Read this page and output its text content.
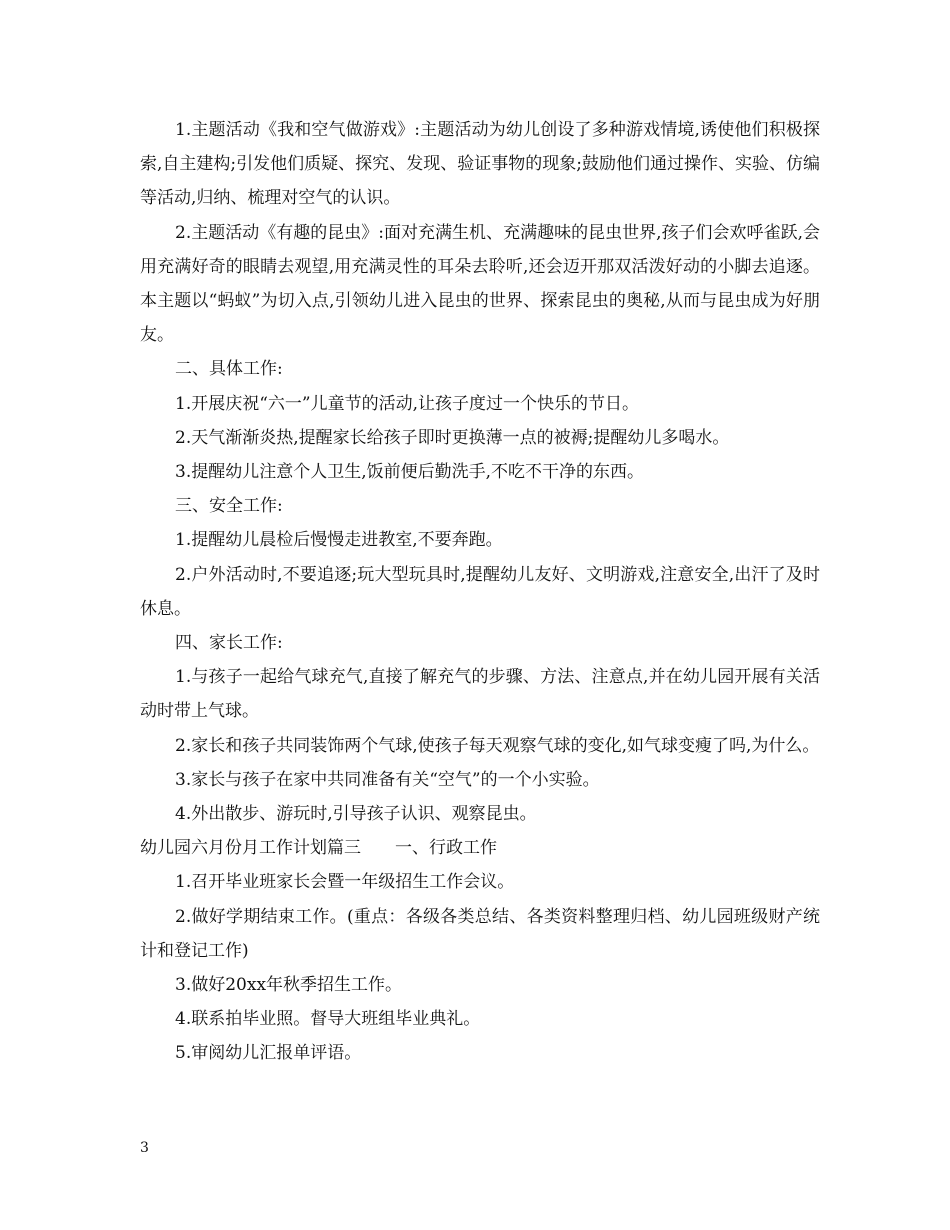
1.主题活动《我和空气做游戏》:主题活动为幼儿创设了多种游戏情境,诱使他们积极探索,自主建构;引发他们质疑、探究、发现、验证事物的现象;鼓励他们通过操作、实验、仿编等活动,归纳、梳理对空气的认识。

2.主题活动《有趣的昆虫》:面对充满生机、充满趣味的昆虫世界,孩子们会欢呼雀跃,会用充满好奇的眼睛去观望,用充满灵性的耳朵去聆听,还会迈开那双活泼好动的小脚去追逐。本主题以“蚂蚁”为切入点,引领幼儿进入昆虫的世界、探索昆虫的奥秘,从而与昆虫成为好朋友。

二、具体工作:

1.开展庆祝“六一”儿童节的活动,让孩子度过一个快乐的节日。

2.天气渐渐炎热,提醒家长给孩子即时更换薄一点的被褥;提醒幼儿多喝水。

3.提醒幼儿注意个人卫生,饭前便后勤洗手,不吃不干净的东西。

三、安全工作:

1.提醒幼儿晨检后慢慢走进教室,不要奔跑。

2.户外活动时,不要追逐;玩大型玩具时,提醒幼儿友好、文明游戏,注意安全,出汗了及时休息。

四、家长工作:

1.与孩子一起给气球充气,直接了解充气的步骤、方法、注意点,并在幼儿园开展有关活动时带上气球。

2.家长和孩子共同装饰两个气球,使孩子每天观察气球的变化,如气球变瘦了吗,为什么。

3.家长与孩子在家中共同准备有关“空气”的一个小实验。

4.外出散步、游玩时,引导孩子认识、观察昆虫。

幼儿园六月份月工作计划篇三　　一、行政工作

1.召开毕业班家长会暨一年级招生工作会议。

2.做好学期结束工作。(重点：各级各类总结、各类资料整理归档、幼儿园班级财产统计和登记工作)

3.做好20xx年秋季招生工作。

4.联系拍毕业照。督导大班组毕业典礼。

5.审阅幼儿汇报单评语。

3
